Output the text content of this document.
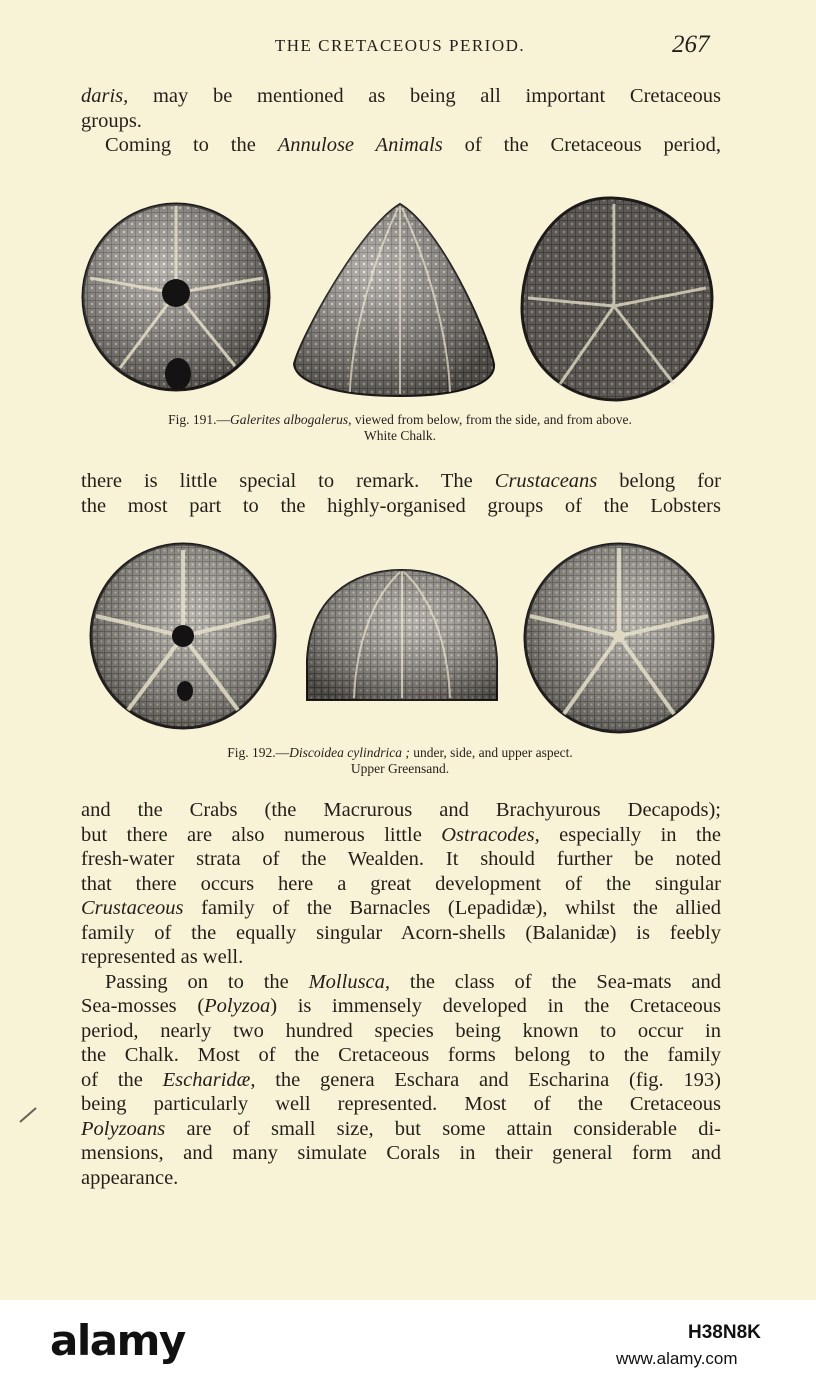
THE CRETACEOUS PERIOD.	267
daris, may be mentioned as being all important Cretaceous
groups.
Coming to the Annulose Animals of the Cretaceous period,
Fig. 191.—Galerites albogalerus, viewed from below, from the side, and from above.
White Chalk.
there is little special to remark. The Crustaceans belong for
the most part to the highly-organised groups of the Lobsters
Fig. 192.—Discoidea cylindrica ; under, side, and upper aspect.
Upper Greensand.
and the Crabs (the Macrurous and Brachyurous Decapods);
but there are also numerous little Ostracodes, especially in the
fresh-water strata of the Wealden. It should further be noted
that there occurs here a great development of the singular
Crustaceous family of the Barnacles (Lepadidæ), whilst the allied
family of the equally singular Acorn-shells (Balanidæ) is feebly
represented as well.
Passing on to the Mollusca, the class of the Sea-mats and
Sea-mosses (Polyzoa) is immensely developed in the Cretaceous
period, nearly two hundred species being known to occur in
the Chalk. Most of the Cretaceous forms belong to the family
of the Escharidæ, the genera Eschara and Escharina (fig. 193)
being particularly well represented. Most of the Cretaceous
Polyzoans are of small size, but some attain considerable di-
mensions, and many simulate Corals in their general form and
appearance.
alamy	H38N8K
www.alamy.com
